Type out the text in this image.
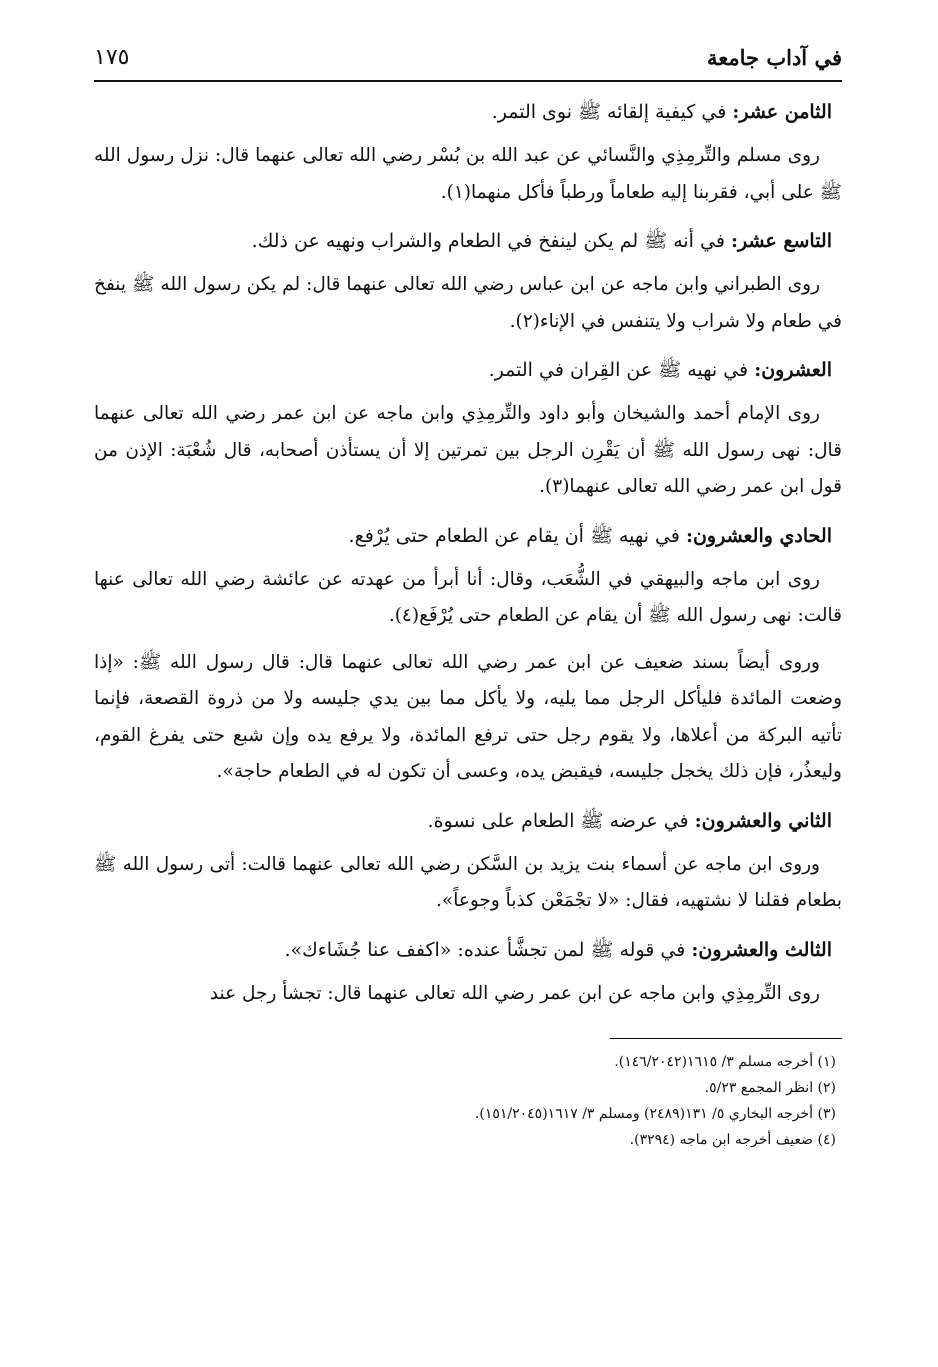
في آداب جامعة
١٧٥
الثامن عشر: في كيفية إلقائه ﷺ نوى التمر.

روى مسلم والتِّرمِذِي والنَّسائي عن عبد الله بن بُسْر رضي الله تعالى عنهما قال: نزل رسول الله ﷺ على أبي، فقربنا إليه طعاماً ورطباً فأكل منهما(١).

التاسع عشر: في أنه ﷺ لم يكن لينفخ في الطعام والشراب ونهيه عن ذلك.

روى الطبراني وابن ماجه عن ابن عباس رضي الله تعالى عنهما قال: لم يكن رسول الله ﷺ ينفخ في طعام ولا شراب ولا يتنفس في الإناء(٢).

العشرون: في نهيه ﷺ عن القِران في التمر.

روى الإمام أحمد والشيخان وأبو داود والتِّرمِذِي وابن ماجه عن ابن عمر رضي الله تعالى عنهما قال: نهى رسول الله ﷺ أن يَقْرِن الرجل بين تمرتين إلا أن يستأذن أصحابه، قال شُعْبَة: الإذن من قول ابن عمر رضي الله تعالى عنهما(٣).

الحادي والعشرون: في نهيه ﷺ أن يقام عن الطعام حتى يُرْفع.

روى ابن ماجه والبيهقي في الشُّعَب، وقال: أنا أبرأ من عهدته عن عائشة رضي الله تعالى عنها قالت: نهى رسول الله ﷺ أن يقام عن الطعام حتى يُرْفَع(٤).

وروى أيضاً بسند ضعيف عن ابن عمر رضي الله تعالى عنهما قال: قال رسول الله ﷺ: «إذا وضعت المائدة فليأكل الرجل مما يليه، ولا يأكل مما بين يدي جليسه ولا من ذروة القصعة، فإنما تأتيه البركة من أعلاها، ولا يقوم رجل حتى ترفع المائدة، ولا يرفع يده وإن شبع حتى يفرغ القوم، وليعذُر، فإن ذلك يخجل جليسه، فيقبض يده، وعسى أن تكون له في الطعام حاجة».

الثاني والعشرون: في عرضه ﷺ الطعام على نسوة.

وروى ابن ماجه عن أسماء بنت يزيد بن السَّكن رضي الله تعالى عنهما قالت: أتى رسول الله ﷺ بطعام فقلنا لا نشتهيه، فقال: «لا تجْمَعْن كذباً وجوعاً».

الثالث والعشرون: في قوله ﷺ لمن تجشَّأ عنده: «اكفف عنا جُشَاءك».

روى التِّرمِذِي وابن ماجه عن ابن عمر رضي الله تعالى عنهما قال: تجشأ رجل عند

(١) أخرجه مسلم ٣/ ١٦١٥(١٤٦/٢٠٤٢).
(٢) انظر المجمع ٥/٢٣.
(٣) أخرجه البخاري ٥/ ١٣١(٢٤٨٩) ومسلم ٣/ ١٦١٧(١٥١/٢٠٤٥).
(٤) ضعيف أخرجه ابن ماجه (٣٢٩٤).
